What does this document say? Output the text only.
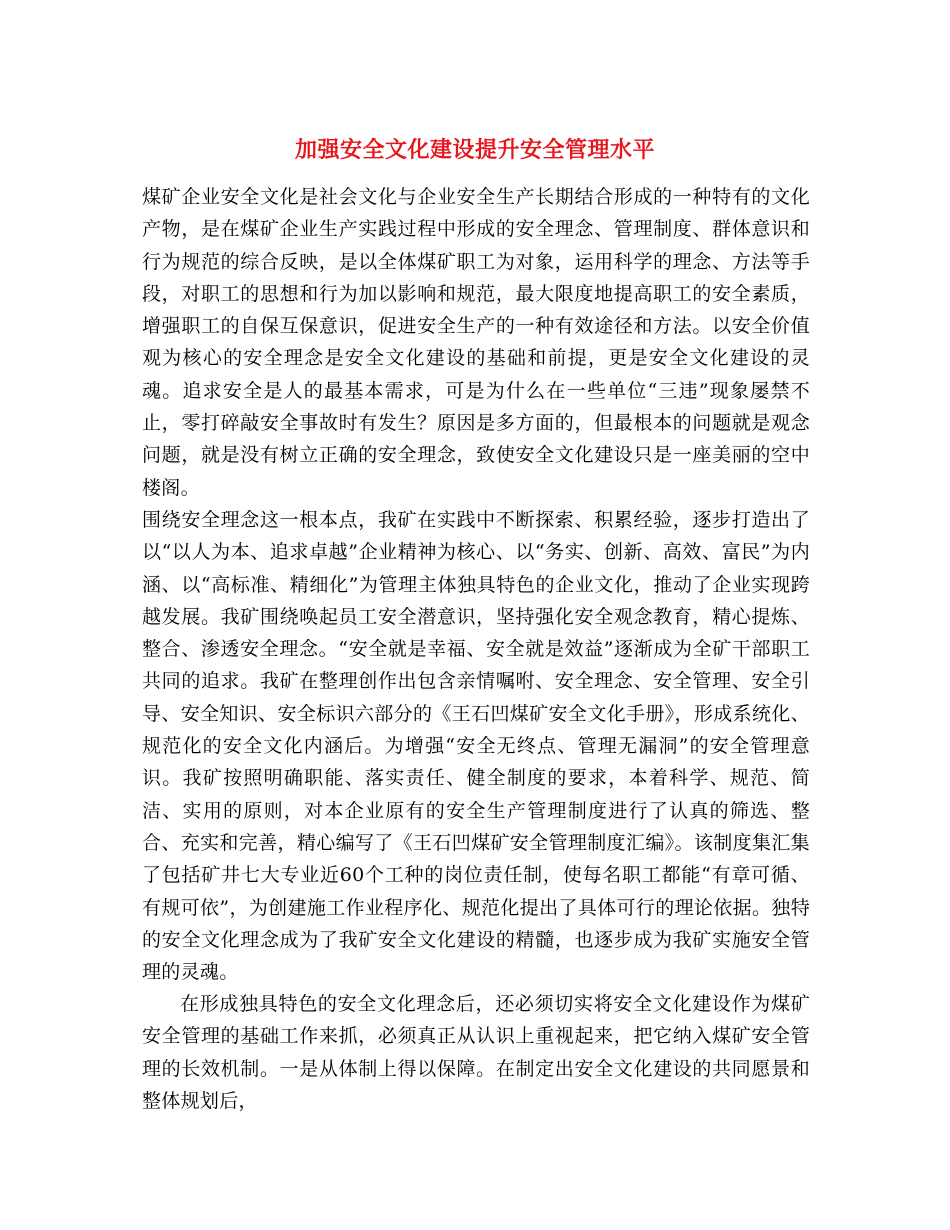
加强安全文化建设提升安全管理水平

煤矿企业安全文化是社会文化与企业安全生产长期结合形成的一种特有的文化产物，是在煤矿企业生产实践过程中形成的安全理念、管理制度、群体意识和行为规范的综合反映，是以全体煤矿职工为对象，运用科学的理念、方法等手段，对职工的思想和行为加以影响和规范，最大限度地提高职工的安全素质，增强职工的自保互保意识，促进安全生产的一种有效途径和方法。以安全价值观为核心的安全理念是安全文化建设的基础和前提，更是安全文化建设的灵魂。追求安全是人的最基本需求，可是为什么在一些单位“三违”现象屡禁不止，零打碎敲安全事故时有发生？原因是多方面的，但最根本的问题就是观念问题，就是没有树立正确的安全理念，致使安全文化建设只是一座美丽的空中楼阁。

围绕安全理念这一根本点，我矿在实践中不断探索、积累经验，逐步打造出了以“以人为本、追求卓越”企业精神为核心、以“务实、创新、高效、富民”为内涵、以“高标准、精细化”为管理主体独具特色的企业文化，推动了企业实现跨越发展。我矿围绕唤起员工安全潜意识，坚持强化安全观念教育，精心提炼、整合、渗透安全理念。“安全就是幸福、安全就是效益”逐渐成为全矿干部职工共同的追求。我矿在整理创作出包含亲情嘱咐、安全理念、安全管理、安全引导、安全知识、安全标识六部分的《王石凹煤矿安全文化手册》，形成系统化、规范化的安全文化内涵后。为增强“安全无终点、管理无漏洞”的安全管理意识。我矿按照明确职能、落实责任、健全制度的要求，本着科学、规范、简洁、实用的原则，对本企业原有的安全生产管理制度进行了认真的筛选、整合、充实和完善，精心编写了《王石凹煤矿安全管理制度汇编》。该制度集汇集了包括矿井七大专业近60个工种的岗位责任制，使每名职工都能“有章可循、有规可依”，为创建施工作业程序化、规范化提出了具体可行的理论依据。独特的安全文化理念成为了我矿安全文化建设的精髓，也逐步成为我矿实施安全管理的灵魂。

在形成独具特色的安全文化理念后，还必须切实将安全文化建设作为煤矿安全管理的基础工作来抓，必须真正从认识上重视起来，把它纳入煤矿安全管理的长效机制。一是从体制上得以保障。在制定出安全文化建设的共同愿景和整体规划后，
